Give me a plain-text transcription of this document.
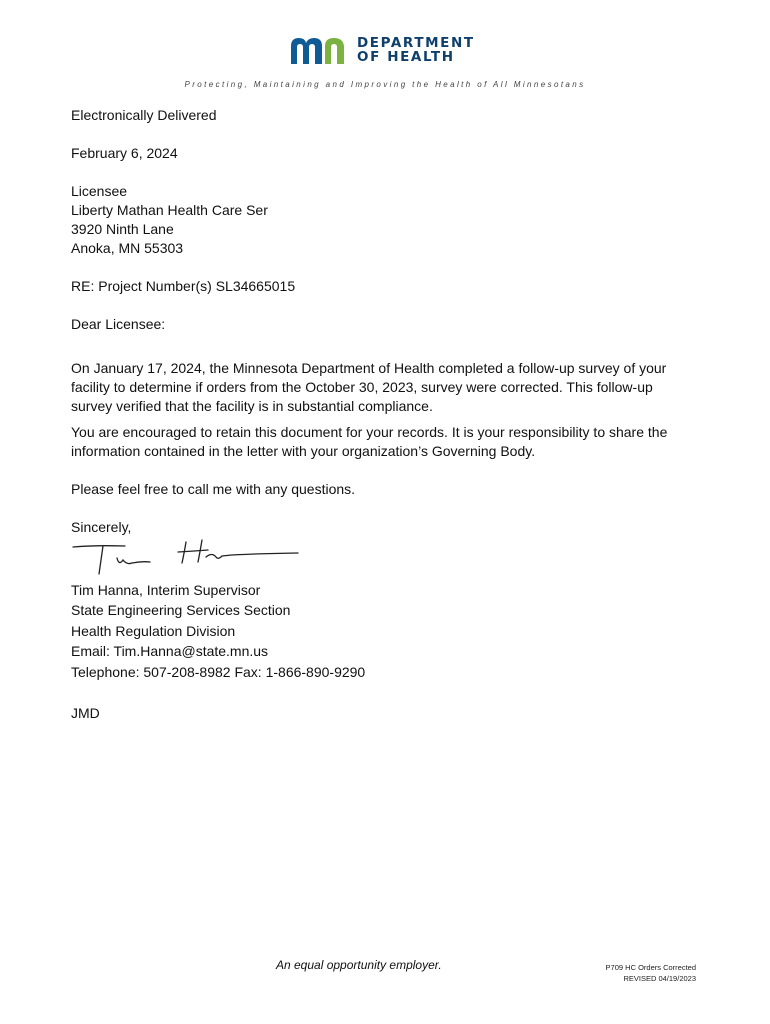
DEPARTMENT
OF HEALTH
Protecting, Maintaining and Improving the Health of All Minnesotans
Electronically Delivered
February 6, 2024
Licensee
Liberty Mathan Health Care Ser
3920 Ninth Lane
Anoka, MN 55303
RE: Project Number(s) SL34665015
Dear Licensee:
On January 17, 2024, the Minnesota Department of Health completed a follow-up survey of your facility to determine if orders from the October 30, 2023, survey were corrected. This follow-up survey verified that the facility is in substantial compliance.
You are encouraged to retain this document for your records. It is your responsibility to share the information contained in the letter with your organization’s Governing Body.
Please feel free to call me with any questions.
Sincerely,
Tim Hanna, Interim Supervisor
State Engineering Services Section
Health Regulation Division
Email: Tim.Hanna@state.mn.us
Telephone: 507-208-8982 Fax: 1-866-890-9290
JMD
An equal opportunity employer.	P709 HC Orders Corrected
REVISED 04/19/2023
